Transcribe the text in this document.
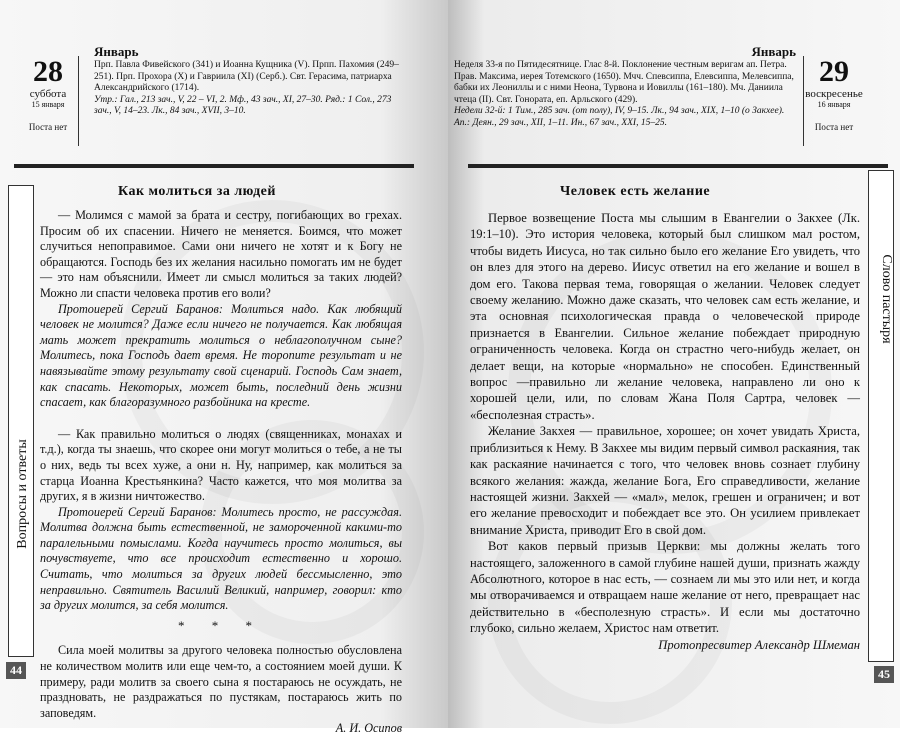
28
суббота
15 января
Поста нет
Январь
Прп. Павла Фивейского (341) и Иоанна Кущника (V). Прпп. Пахомия (249–251). Прп. Прохора (X) и Гавриила (XI) (Серб.). Свт. Герасима, патриарха Александрийского (1714).
Утр.: Гал., 213 зач., V, 22 – VI, 2. Мф., 43 зач., XI, 27–30. Ряд.: 1 Сол., 273 зач., V, 14–23. Лк., 84 зач., XVII, 3–10.
Вопросы и ответы
Как молиться за людей

— Молимся с мамой за брата и сестру, погибающих во грехах. Просим об их спасении. Ничего не меняется. Боимся, что может случиться непоправимое. Сами они ничего не хотят и к Богу не обращаются. Господь без их желания насильно помогать им не будет — это нам объяснили. Имеет ли смысл молиться за таких людей? Можно ли спасти человека против его воли?

Протоиерей Сергий Баранов: Молиться надо. Как любящий человек не молится? Даже если ничего не получается. Как любящая мать может прекратить молиться о неблагополучном сыне? Молитесь, пока Господь дает время. Не торопите результат и не навязывайте этому результату свой сценарий. Господь Сам знает, как спасать. Некоторых, может быть, последний день жизни спасает, как благоразумного разбойника на кресте.

— Как правильно молиться о людях (священниках, монахах и т.д.), когда ты знаешь, что скорее они могут молиться о тебе, а не ты о них, ведь ты всех хуже, а они н. Ну, например, как молиться за старца Иоанна Крестьянкина? Часто кажется, что моя молитва за других, я в жизни ничтожество.

Протоиерей Сергий Баранов: Молитесь просто, не рассуждая. Молитва должна быть естественной, не замороченной какими-то паралельными помыслами. Когда научитесь просто молиться, вы почувствуете, что все происходит естественно и хорошо. Считать, что молиться за других людей бессмысленно, это неправильно. Святитель Василий Великий, например, говорил: кто за других молится, за себя молится.

* * *

Сила моей молитвы за другого человека полностью обусловлена не количеством молитв или еще чем-то, а состоянием моей души. К примеру, ради молитв за своего сына я постараюсь не осуждать, не праздновать, не раздражаться по пустякам, постараюсь жить по заповедям.

А. И. Осипов

44
Неделя 33-я по Пятидесятнице. Глас 8-й. Поклонение честным веригам ап. Петра. Прав. Максима, иерея Тотемского (1650). Мчч. Спевсиппа, Елевсиппа, Мелевсиппа, бабки их Леониллы и с ними Неона, Турвона и Иовиллы (161–180). Мч. Даниила чтеца (II). Свт. Гоноратa, еп. Арльского (429).
Недели 32-й: 1 Тим., 285 зач. (от полу), IV, 9–15. Лк., 94 зач., XIX, 1–10 (о Закхее). Ап.: Деян., 29 зач., XII, 1–11. Ин., 67 зач., XXI, 15–25.
Январь
29
воскресенье
16 января
Поста нет
Слово пастыря
Человек есть желание

Первое возвещение Поста мы слышим в Евангелии о Закхее (Лк. 19:1–10). Это история человека, который был слишком мал ростом, чтобы видеть Иисуса, но так сильно было его желание Его увидеть, что он влез для этого на дерево. Иисус ответил на его желание и вошел в дом его. Такова первая тема, говорящая о желании. Человек следует своему желанию. Можно даже сказать, что человек сам есть желание, и эта основная психологическая правда о человеческой природе признается в Евангелии. Сильное желание побеждает природную ограниченность человека. Когда он страстно чего-нибудь желает, он делает вещи, на которые «нормально» не способен. Единственный вопрос —правильно ли желание человека, направлено ли оно к хорошей цели, или, по словам Жана Поля Сартра, человек — «бесполезная страсть».

Желание Закхея — правильное, хорошее; он хочет увидать Христа, приблизиться к Нему. В Закхее мы видим первый символ раскаяния, так как раскаяние начинается с того, что человек вновь сознает глубину всякого желания: жажда, желание Бога, Его справедливости, желание настоящей жизни. Закхей — «мал», мелок, грешен и ограничен; и вот его желание превосходит и побеждает все это. Он усилием привлекает внимание Христа, приводит Его в свой дом.

Вот каков первый призыв Церкви: мы должны желать того настоящего, заложенного в самой глубине нашей души, признать жажду Абсолютного, которое в нас есть, — сознаем ли мы это или нет, и когда мы отворачиваемся и отвращаем наше желание от него, превращает нас действительно в «бесполезную страсть». И если мы достаточно глубоко, сильно желаем, Христос нам ответит.

Протопресвитер Александр Шмеман

45
